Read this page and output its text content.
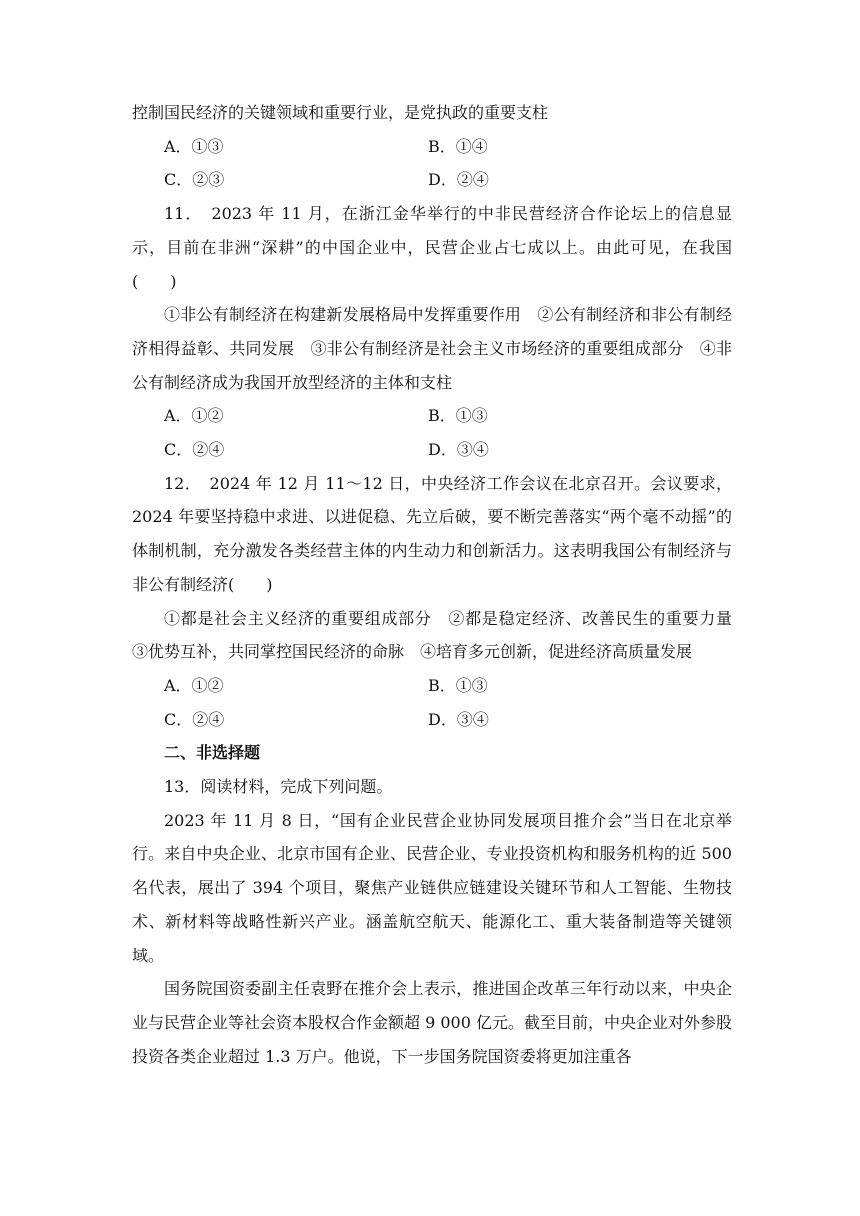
控制国民经济的关键领域和重要行业，是党执政的重要支柱

A．①③	B．①④
C．②③	D．②④

11．　2023 年 11 月，在浙江金华举行的中非民营经济合作论坛上的信息显示，目前在非洲“深耕”的中国企业中，民营企业占七成以上。由此可见，在我国(　　)

①非公有制经济在构建新发展格局中发挥重要作用　②公有制经济和非公有制经济相得益彰、共同发展　③非公有制经济是社会主义市场经济的重要组成部分　④非公有制经济成为我国开放型经济的主体和支柱

A．①②	B．①③
C．②④	D．③④

12．　2024 年 12 月 11～12 日，中央经济工作会议在北京召开。会议要求，2024 年要坚持稳中求进、以进促稳、先立后破，要不断完善落实“两个毫不动摇”的体制机制，充分激发各类经营主体的内生动力和创新活力。这表明我国公有制经济与非公有制经济(　　)

①都是社会主义经济的重要组成部分　②都是稳定经济、改善民生的重要力量　③优势互补，共同掌控国民经济的命脉　④培育多元创新，促进经济高质量发展

A．①②	B．①③
C．②④	D．③④

二、非选择题

13．阅读材料，完成下列问题。

2023 年 11 月 8 日，“国有企业民营企业协同发展项目推介会”当日在北京举行。来自中央企业、北京市国有企业、民营企业、专业投资机构和服务机构的近 500 名代表，展出了 394 个项目，聚焦产业链供应链建设关键环节和人工智能、生物技术、新材料等战略性新兴产业。涵盖航空航天、能源化工、重大装备制造等关键领域。

国务院国资委副主任袁野在推介会上表示，推进国企改革三年行动以来，中央企业与民营企业等社会资本股权合作金额超 9 000 亿元。截至目前，中央企业对外参股投资各类企业超过 1.3 万户。他说，下一步国务院国资委将更加注重各
